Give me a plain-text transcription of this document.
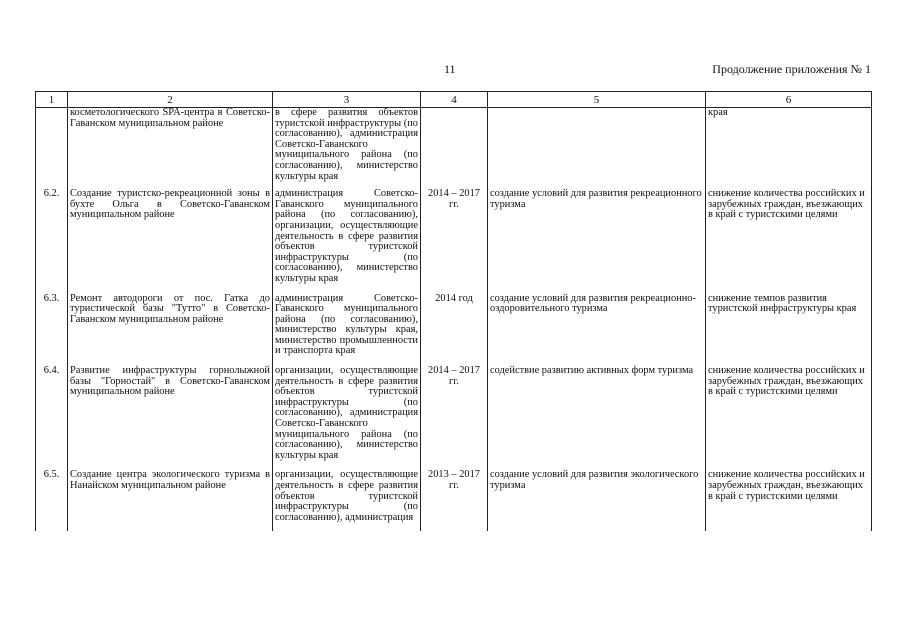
11	Продолжение приложения № 1
1	2	3	4	5	6
	косметологического SPA-центра в Советско-Гаванском муниципальном районе	в сфере развития объектов туристской инфраструктуры (по согласованию), администрация Советско-Гаванского муниципального района (по согласованию), министерство культуры края			края
6.2.	Создание туристско-рекреационной зоны в бухте Ольга в Советско-Гаванском муниципальном районе	администрация Советско-Гаванского муниципального района (по согласованию), организации, осуществляющие деятельность в сфере развития объектов туристской инфраструктуры (по согласованию), министерство культуры края	2014 – 2017 гг.	создание условий для развития рекреационного туризма	снижение количества российских и зарубежных граждан, въезжающих в край с туристскими целями
6.3.	Ремонт автодороги от пос. Гатка до туристической базы "Тутто" в Советско-Гаванском муниципальном районе	администрация Советско-Гаванского муниципального района (по согласованию), министерство культуры края, министерство промышленности и транспорта края	2014 год	создание условий для развития рекреационно-оздоровительного туризма	снижение темпов развития туристской инфраструктуры края
6.4.	Развитие инфраструктуры горнолыжной базы "Горностай" в Советско-Гаванском муниципальном районе	организации, осуществляющие деятельность в сфере развития объектов туристской инфраструктуры (по согласованию), администрация Советско-Гаванского муниципального района (по согласованию), министерство культуры края	2014 – 2017 гг.	содействие развитию активных форм туризма	снижение количества российских и зарубежных граждан, въезжающих в край с туристскими целями
6.5.	Создание центра экологического туризма в Нанайском муниципальном районе	организации, осуществляющие деятельность в сфере развития объектов туристской инфраструктуры (по согласованию), администрация	2013 – 2017 гг.	создание условий для развития экологического туризма	снижение количества российских и зарубежных граждан, въезжающих в край с туристскими целями
